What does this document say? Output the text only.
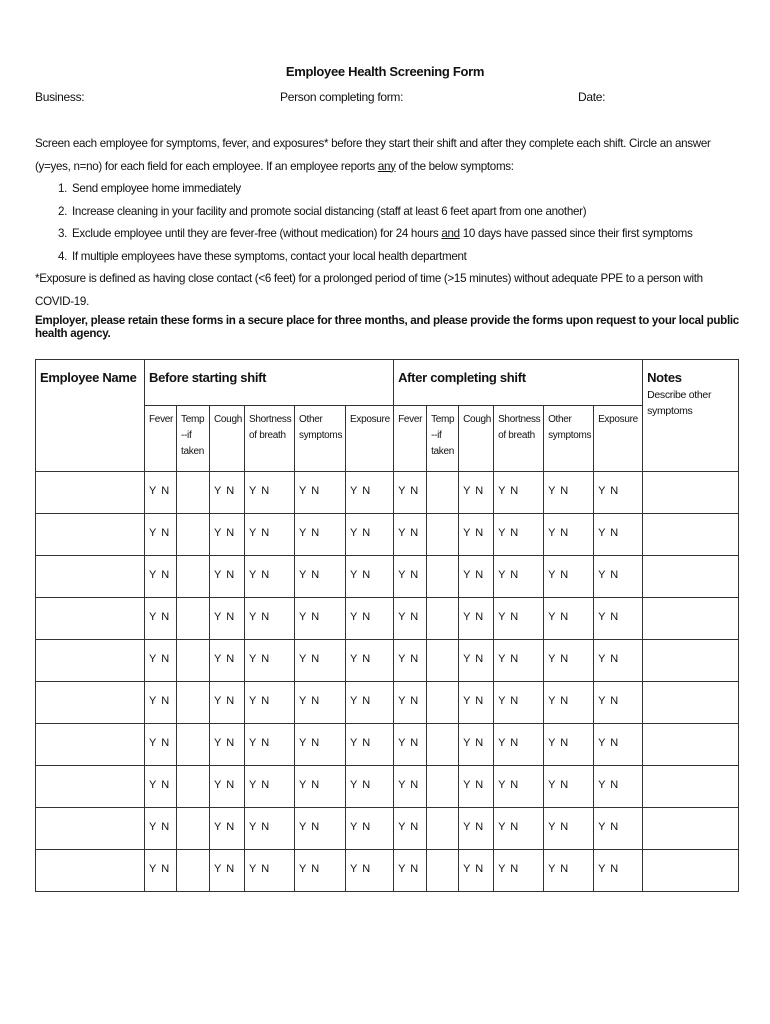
Employee Health Screening Form
Business:	Person completing form:	Date:
Screen each employee for symptoms, fever, and exposures* before they start their shift and after they complete each shift. Circle an answer (y=yes, n=no) for each field for each employee. If an employee reports any of the below symptoms:
1. Send employee home immediately
2. Increase cleaning in your facility and promote social distancing (staff at least 6 feet apart from one another)
3. Exclude employee until they are fever-free (without medication) for 24 hours and 10 days have passed since their first symptoms
4. If multiple employees have these symptoms, contact your local health department
*Exposure is defined as having close contact (<6 feet) for a prolonged period of time (>15 minutes) without adequate PPE to a person with COVID-19.
Employer, please retain these forms in a secure place for three months, and please provide the forms upon request to your local public health agency.
Employee Name	Before starting shift						After completing shift						Notes
Describe other symptoms

	Fever	Temp --if taken	Cough	Shortness of breath	Other symptoms	Exposure	Fever	Temp --if taken	Cough	Shortness of breath	Other symptoms	Exposure	
	Y N		Y N	Y N	Y N	Y N	Y N		Y N	Y N	Y N	Y N	
	Y N		Y N	Y N	Y N	Y N	Y N		Y N	Y N	Y N	Y N	
	Y N		Y N	Y N	Y N	Y N	Y N		Y N	Y N	Y N	Y N	
	Y N		Y N	Y N	Y N	Y N	Y N		Y N	Y N	Y N	Y N	
	Y N		Y N	Y N	Y N	Y N	Y N		Y N	Y N	Y N	Y N	
	Y N		Y N	Y N	Y N	Y N	Y N		Y N	Y N	Y N	Y N	
	Y N		Y N	Y N	Y N	Y N	Y N		Y N	Y N	Y N	Y N	
	Y N		Y N	Y N	Y N	Y N	Y N		Y N	Y N	Y N	Y N	
	Y N		Y N	Y N	Y N	Y N	Y N		Y N	Y N	Y N	Y N	
	Y N		Y N	Y N	Y N	Y N	Y N		Y N	Y N	Y N	Y N	
